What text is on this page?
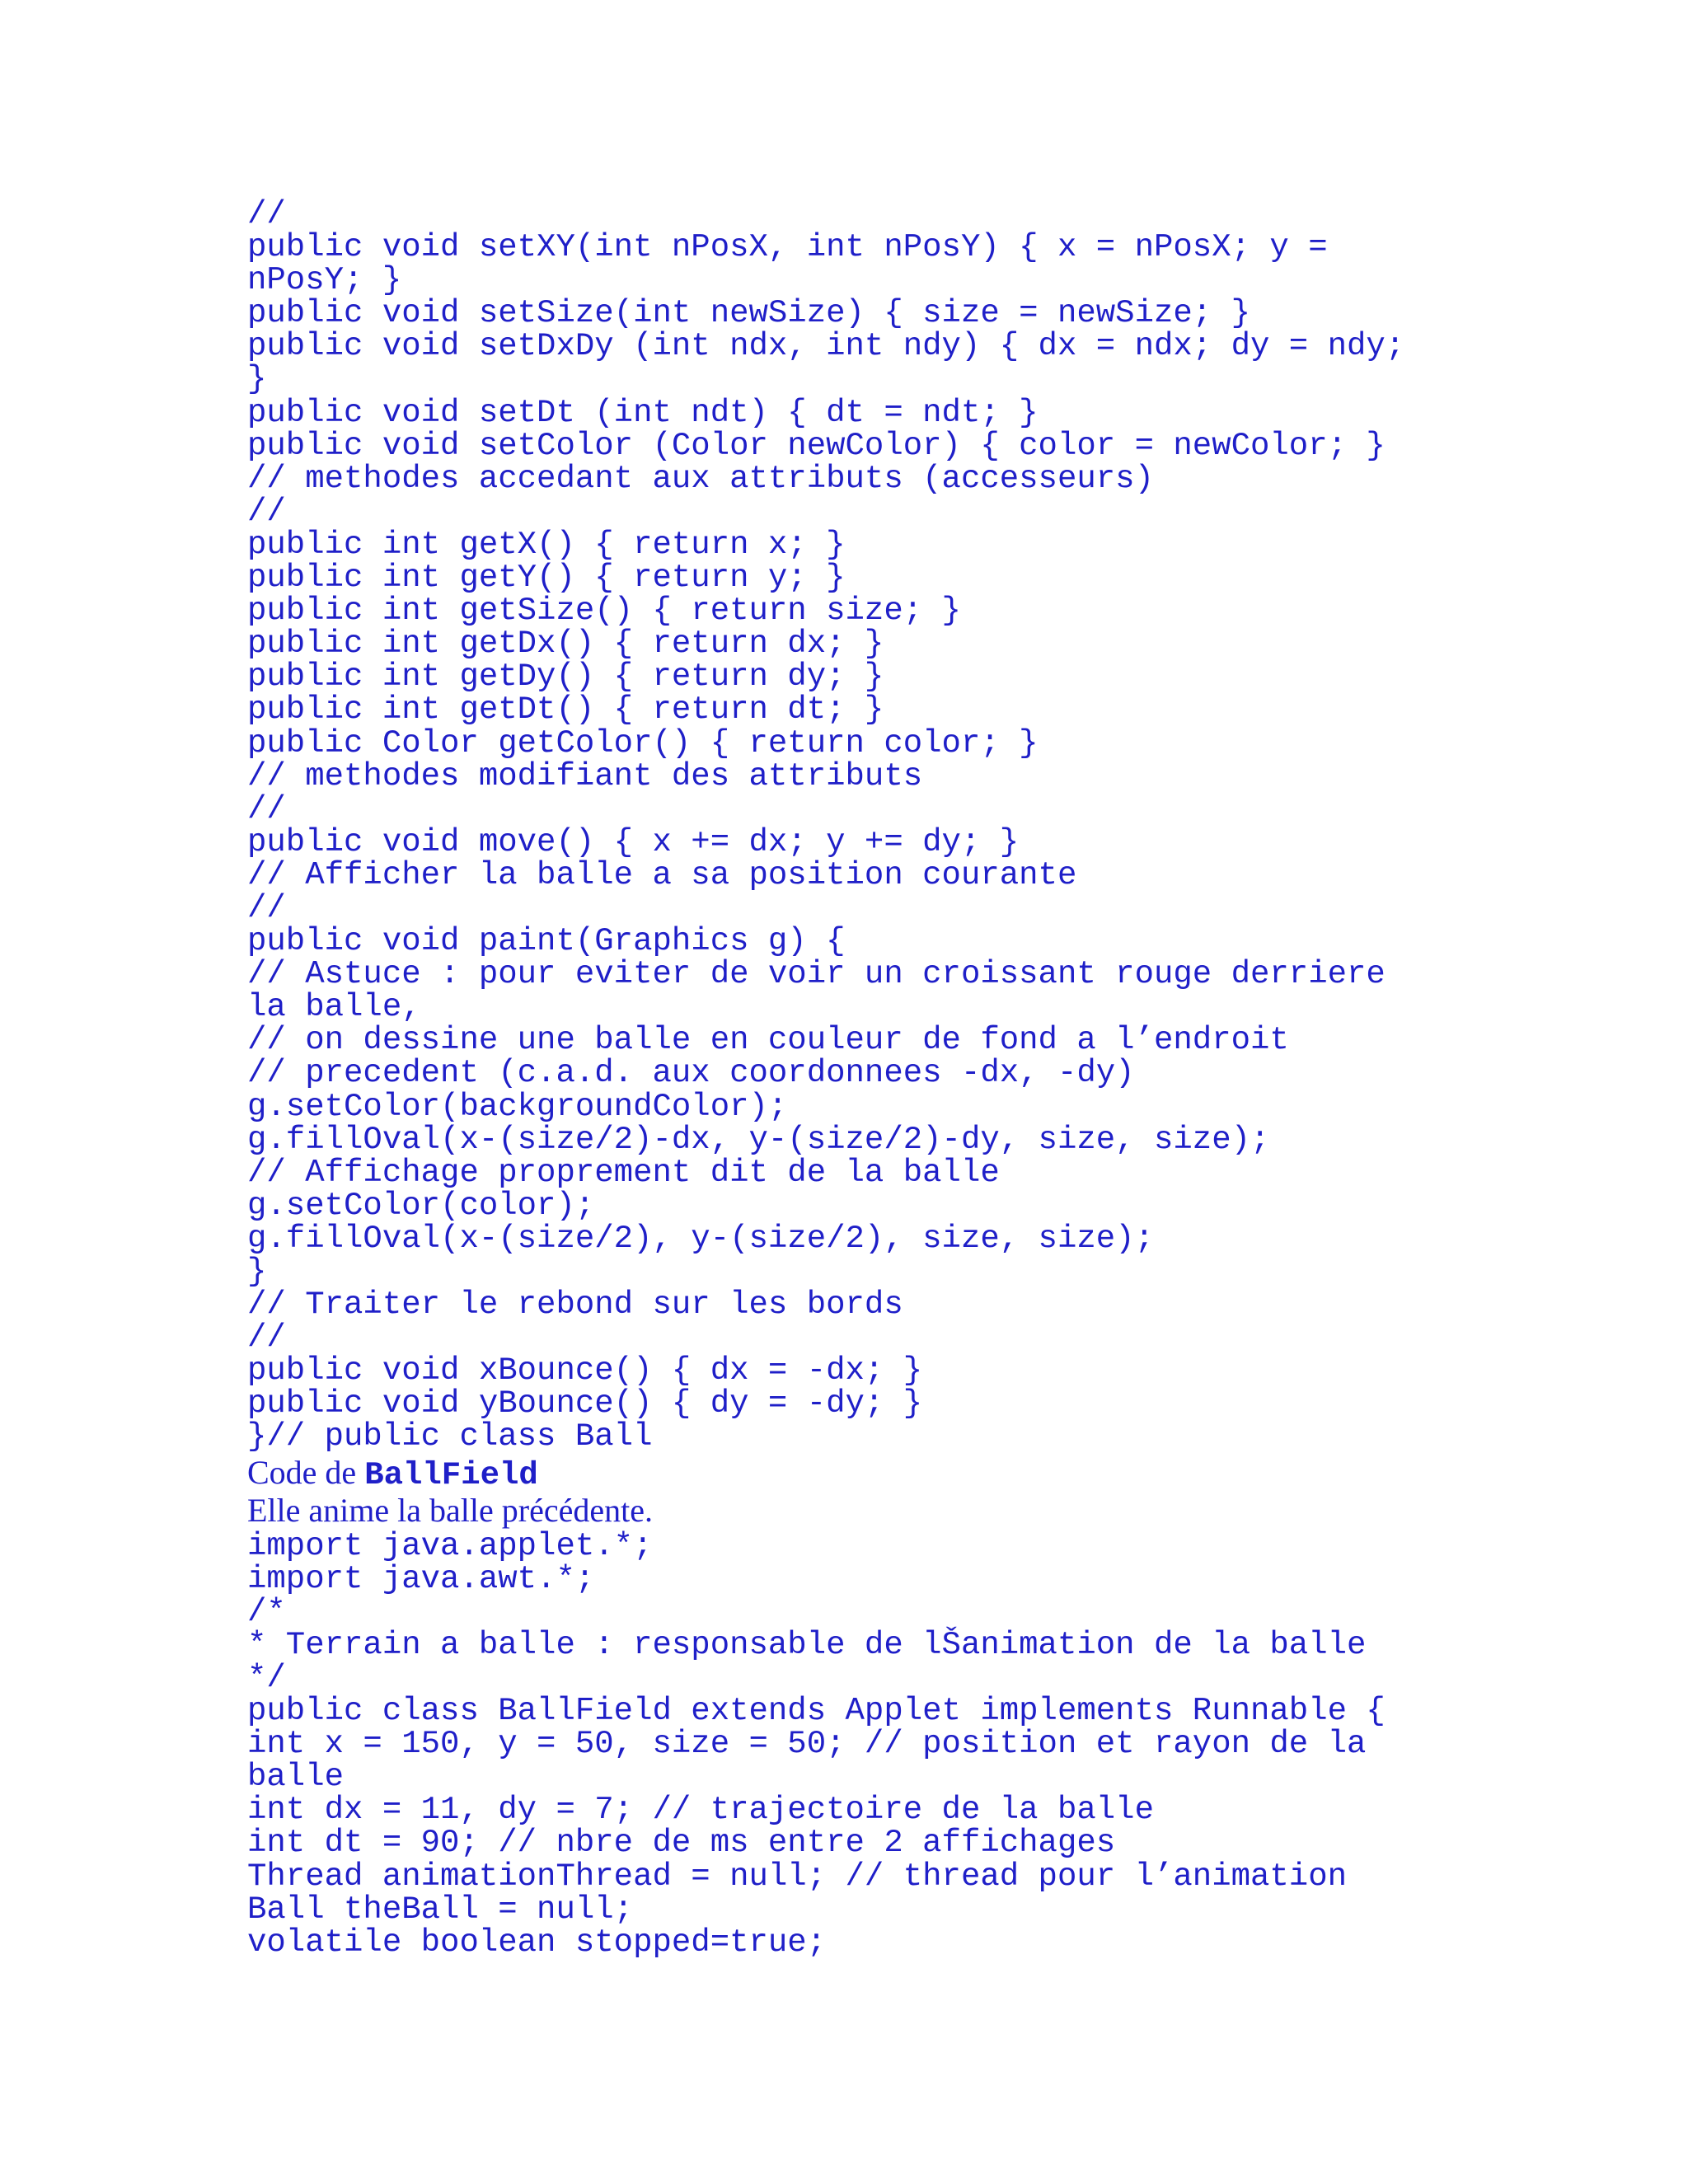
//
public void setXY(int nPosX, int nPosY) { x = nPosX; y =
nPosY; }
public void setSize(int newSize) { size = newSize; }
public void setDxDy (int ndx, int ndy) { dx = ndx; dy = ndy;
}
public void setDt (int ndt) { dt = ndt; }
public void setColor (Color newColor) { color = newColor; }
// methodes accedant aux attributs (accesseurs)
//
public int getX() { return x; }
public int getY() { return y; }
public int getSize() { return size; }
public int getDx() { return dx; }
public int getDy() { return dy; }
public int getDt() { return dt; }
public Color getColor() { return color; }
// methodes modifiant des attributs
//
public void move() { x += dx; y += dy; }
// Afficher la balle a sa position courante
//
public void paint(Graphics g) {
// Astuce : pour eviter de voir un croissant rouge derriere
la balle,
// on dessine une balle en couleur de fond a l’endroit
// precedent (c.a.d. aux coordonnees -dx, -dy)
g.setColor(backgroundColor);
g.fillOval(x-(size/2)-dx, y-(size/2)-dy, size, size);
// Affichage proprement dit de la balle
g.setColor(color);
g.fillOval(x-(size/2), y-(size/2), size, size);
}
// Traiter le rebond sur les bords
//
public void xBounce() { dx = -dx; }
public void yBounce() { dy = -dy; }
}// public class Ball
Code de BallField
Elle anime la balle précédente.
import java.applet.*;
import java.awt.*;
/*
* Terrain a balle : responsable de lŠanimation de la balle
*/
public class BallField extends Applet implements Runnable {
int x = 150, y = 50, size = 50; // position et rayon de la
balle
int dx = 11, dy = 7; // trajectoire de la balle
int dt = 90; // nbre de ms entre 2 affichages
Thread animationThread = null; // thread pour l’animation
Ball theBall = null;
volatile boolean stopped=true;
